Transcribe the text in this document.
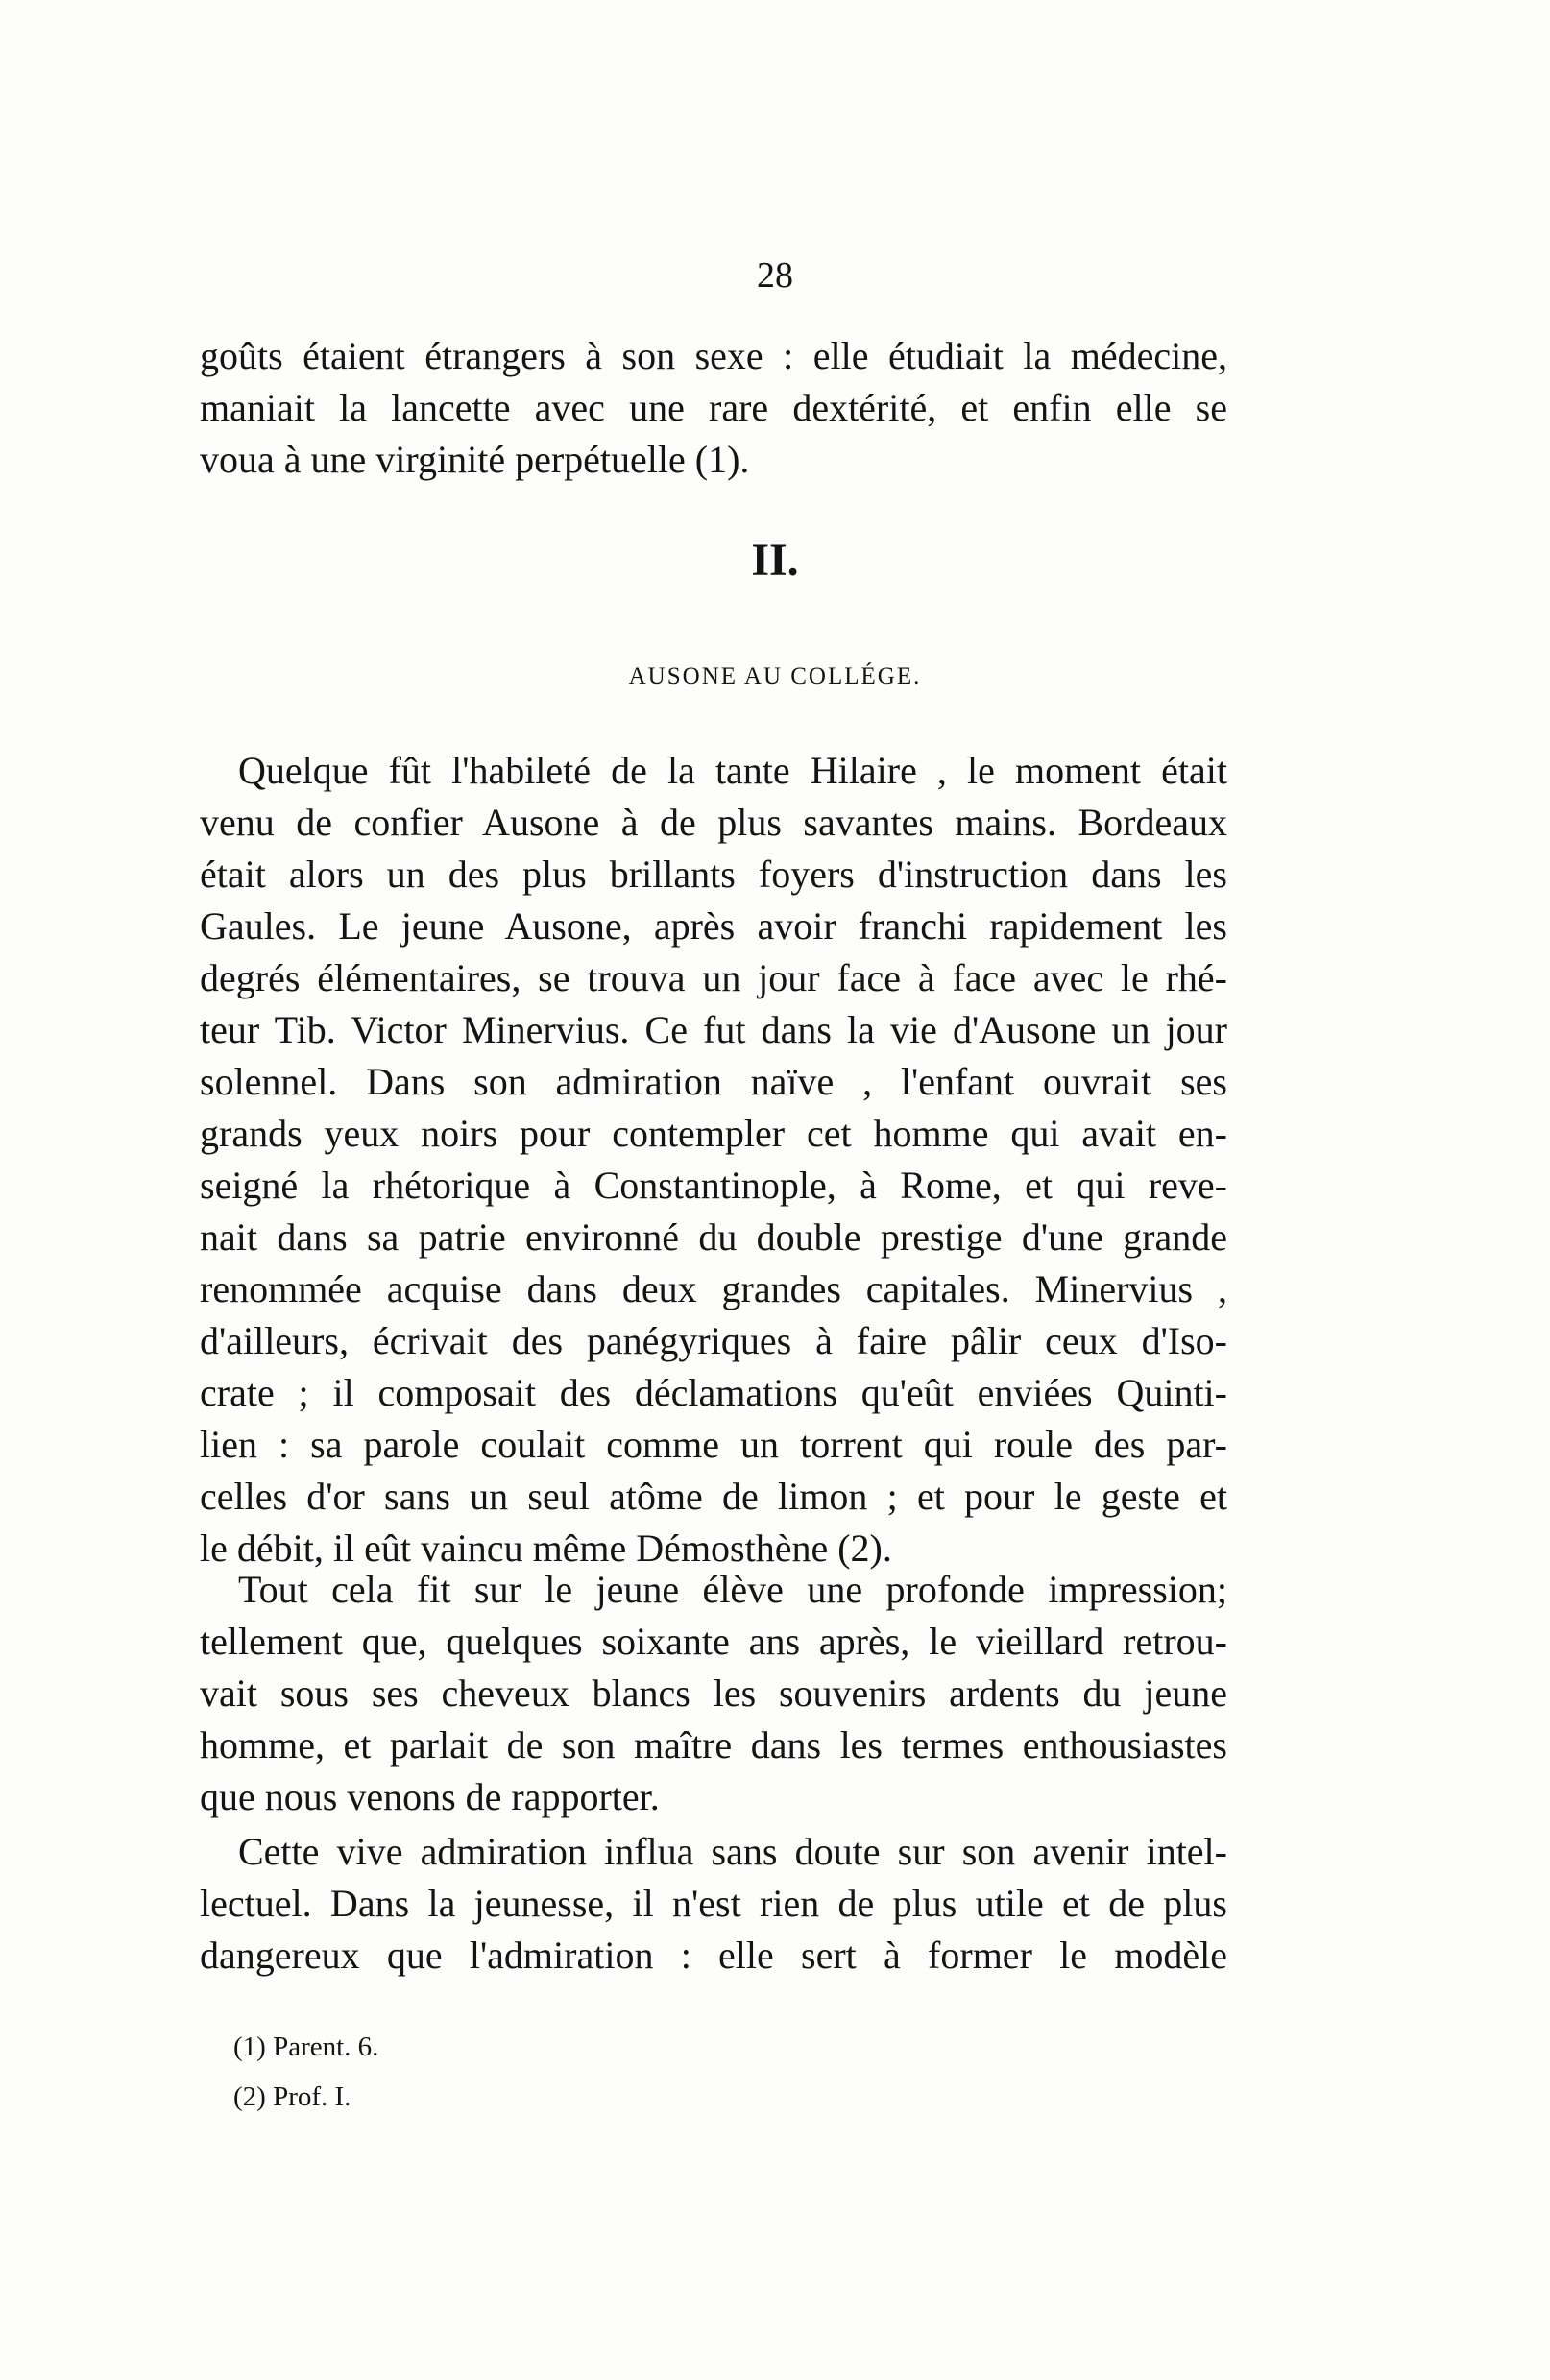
28
goûts étaient étrangers à son sexe : elle étudiait la médecine,
maniait la lancette avec une rare dextérité, et enfin elle se
voua à une virginité perpétuelle (1).
II.
AUSONE AU COLLÉGE.
Quelque fût l'habileté de la tante Hilaire , le moment était
venu de confier Ausone à de plus savantes mains. Bordeaux
était alors un des plus brillants foyers d'instruction dans les
Gaules. Le jeune Ausone, après avoir franchi rapidement les
degrés élémentaires, se trouva un jour face à face avec le rhé-
teur Tib. Victor Minervius. Ce fut dans la vie d'Ausone un jour
solennel. Dans son admiration naïve , l'enfant ouvrait ses
grands yeux noirs pour contempler cet homme qui avait en-
seigné la rhétorique à Constantinople, à Rome, et qui reve-
nait dans sa patrie environné du double prestige d'une grande
renommée acquise dans deux grandes capitales. Minervius ,
d'ailleurs, écrivait des panégyriques à faire pâlir ceux d'Iso-
crate ; il composait des déclamations qu'eût enviées Quinti-
lien : sa parole coulait comme un torrent qui roule des par-
celles d'or sans un seul atôme de limon ; et pour le geste et
le débit, il eût vaincu même Démosthène (2).
Tout cela fit sur le jeune élève une profonde impression;
tellement que, quelques soixante ans après, le vieillard retrou-
vait sous ses cheveux blancs les souvenirs ardents du jeune
homme, et parlait de son maître dans les termes enthousiastes
que nous venons de rapporter.
Cette vive admiration influa sans doute sur son avenir intel-
lectuel. Dans la jeunesse, il n'est rien de plus utile et de plus
dangereux que l'admiration : elle sert à former le modèle
(1) Parent. 6.
(2) Prof. I.
